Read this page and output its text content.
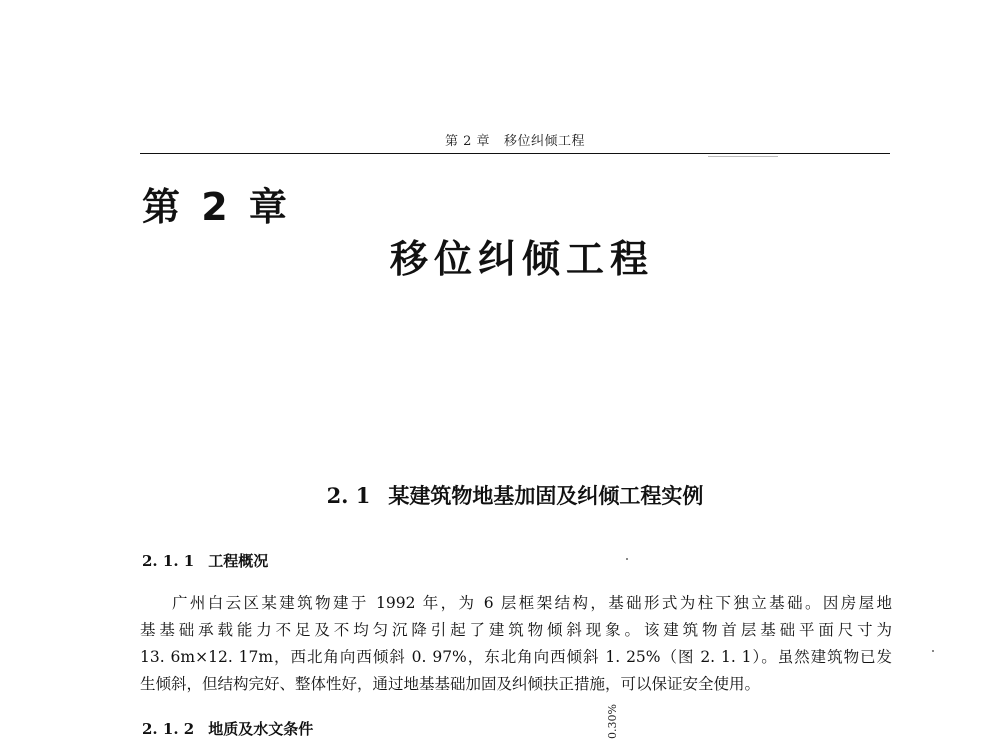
第 2 章 移位纠倾工程
第 2 章
移位纠倾工程
2. 1 某建筑物地基加固及纠倾工程实例
2. 1. 1 工程概况
广州白云区某建筑物建于 1992 年，为 6 层框架结构，基础形式为柱下独立基础。因房屋地
基基础承载能力不足及不均匀沉降引起了建筑物倾斜现象。该建筑物首层基础平面尺寸为
13. 6m×12. 17m，西北角向西倾斜 0. 97%，东北角向西倾斜 1. 25%（图 2. 1. 1）。虽然建筑物已发
生倾斜，但结构完好、整体性好，通过地基基础加固及纠倾扶正措施，可以保证安全使用。
2. 1. 2 地质及水文条件	0.30%
